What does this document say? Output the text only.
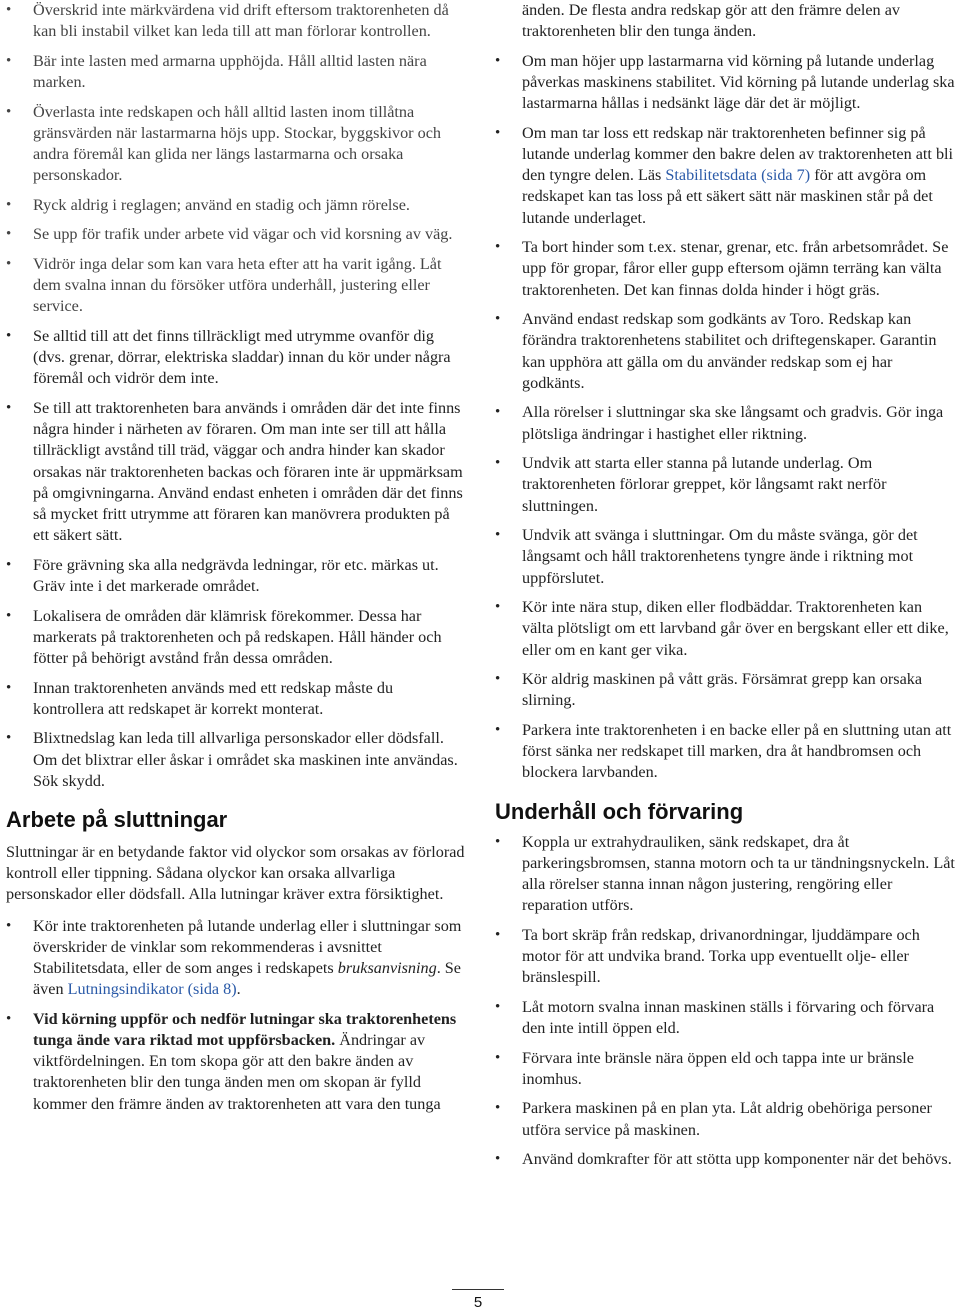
• Överskrid inte märkvärdena vid drift eftersom traktorenheten då kan bli instabil vilket kan leda till att man förlorar kontrollen.
• Bär inte lasten med armarna upphöjda. Håll alltid lasten nära marken.
• Överlasta inte redskapen och håll alltid lasten inom tillåtna gränsvärden när lastarmarna höjs upp. Stockar, byggskivor och andra föremål kan glida ner längs lastarmarna och orsaka personskador.
• Ryck aldrig i reglagen; använd en stadig och jämn rörelse.
• Se upp för trafik under arbete vid vägar och vid korsning av väg.
• Vidrör inga delar som kan vara heta efter att ha varit igång. Låt dem svalna innan du försöker utföra underhåll, justering eller service.
• Se alltid till att det finns tillräckligt med utrymme ovanför dig (dvs. grenar, dörrar, elektriska sladdar) innan du kör under några föremål och vidrör dem inte.
• Se till att traktorenheten bara används i områden där det inte finns några hinder i närheten av föraren. Om man inte ser till att hålla tillräckligt avstånd till träd, väggar och andra hinder kan skador orsakas när traktorenheten backas och föraren inte är uppmärksam på omgivningarna. Använd endast enheten i områden där det finns så mycket fritt utrymme att föraren kan manövrera produkten på ett säkert sätt.
• Före grävning ska alla nedgrävda ledningar, rör etc. märkas ut. Gräv inte i det markerade området.
• Lokalisera de områden där klämrisk förekommer. Dessa har markerats på traktorenheten och på redskapen. Håll händer och fötter på behörigt avstånd från dessa områden.
• Innan traktorenheten används med ett redskap måste du kontrollera att redskapet är korrekt monterat.
• Blixtnedslag kan leda till allvarliga personskador eller dödsfall. Om det blixtrar eller åskar i området ska maskinen inte användas. Sök skydd.
Arbete på sluttningar

Sluttningar är en betydande faktor vid olyckor som orsakas av förlorad kontroll eller tippning. Sådana olyckor kan orsaka allvarliga personskador eller dödsfall. Alla lutningar kräver extra försiktighet.

• Kör inte traktorenheten på lutande underlag eller i sluttningar som överskrider de vinklar som rekommenderas i avsnittet Stabilitetsdata, eller de som anges i redskapets bruksanvisning. Se även Lutningsindikator (sida 8).
• Vid körning uppför och nedför lutningar ska traktorenhetens tunga ände vara riktad mot uppförsbacken. Ändringar av viktfördelningen. En tom skopa gör att den bakre änden av traktorenheten blir den tunga änden men om skopan är fylld kommer den främre änden av traktorenheten att vara den tunga

änden. De flesta andra redskap gör att den främre delen av traktorenheten blir den tunga änden.

• Om man höjer upp lastarmarna vid körning på lutande underlag påverkas maskinens stabilitet. Vid körning på lutande underlag ska lastarmarna hållas i nedsänkt läge där det är möjligt.
• Om man tar loss ett redskap när traktorenheten befinner sig på lutande underlag kommer den bakre delen av traktorenheten att bli den tyngre delen. Läs Stabilitetsdata (sida 7) för att avgöra om redskapet kan tas loss på ett säkert sätt när maskinen står på det lutande underlaget.
• Ta bort hinder som t.ex. stenar, grenar, etc. från arbetsområdet. Se upp för gropar, fåror eller gupp eftersom ojämn terräng kan välta traktorenheten. Det kan finnas dolda hinder i högt gräs.
• Använd endast redskap som godkänts av Toro. Redskap kan förändra traktorenhetens stabilitet och driftegenskaper. Garantin kan upphöra att gälla om du använder redskap som ej har godkänts.
• Alla rörelser i sluttningar ska ske långsamt och gradvis. Gör inga plötsliga ändringar i hastighet eller riktning.
• Undvik att starta eller stanna på lutande underlag. Om traktorenheten förlorar greppet, kör långsamt rakt nerför sluttningen.
• Undvik att svänga i sluttningar. Om du måste svänga, gör det långsamt och håll traktorenhetens tyngre ände i riktning mot uppförslutet.
• Kör inte nära stup, diken eller flodbäddar. Traktorenheten kan välta plötsligt om ett larvband går över en bergskant eller ett dike, eller om en kant ger vika.
• Kör aldrig maskinen på vått gräs. Försämrat grepp kan orsaka slirning.
• Parkera inte traktorenheten i en backe eller på en sluttning utan att först sänka ner redskapet till marken, dra åt handbromsen och blockera larvbanden.
Underhåll och förvaring
• Koppla ur extrahydrauliken, sänk redskapet, dra åt parkeringsbromsen, stanna motorn och ta ur tändningsnyckeln. Låt alla rörelser stanna innan någon justering, rengöring eller reparation utförs.
• Ta bort skräp från redskap, drivanordningar, ljuddämpare och motor för att undvika brand. Torka upp eventuellt olje- eller bränslespill.
• Låt motorn svalna innan maskinen ställs i förvaring och förvara den inte intill öppen eld.
• Förvara inte bränsle nära öppen eld och tappa inte ur bränsle inomhus.
• Parkera maskinen på en plan yta. Låt aldrig obehöriga personer utföra service på maskinen.
• Använd domkrafter för att stötta upp komponenter när det behövs.
5
